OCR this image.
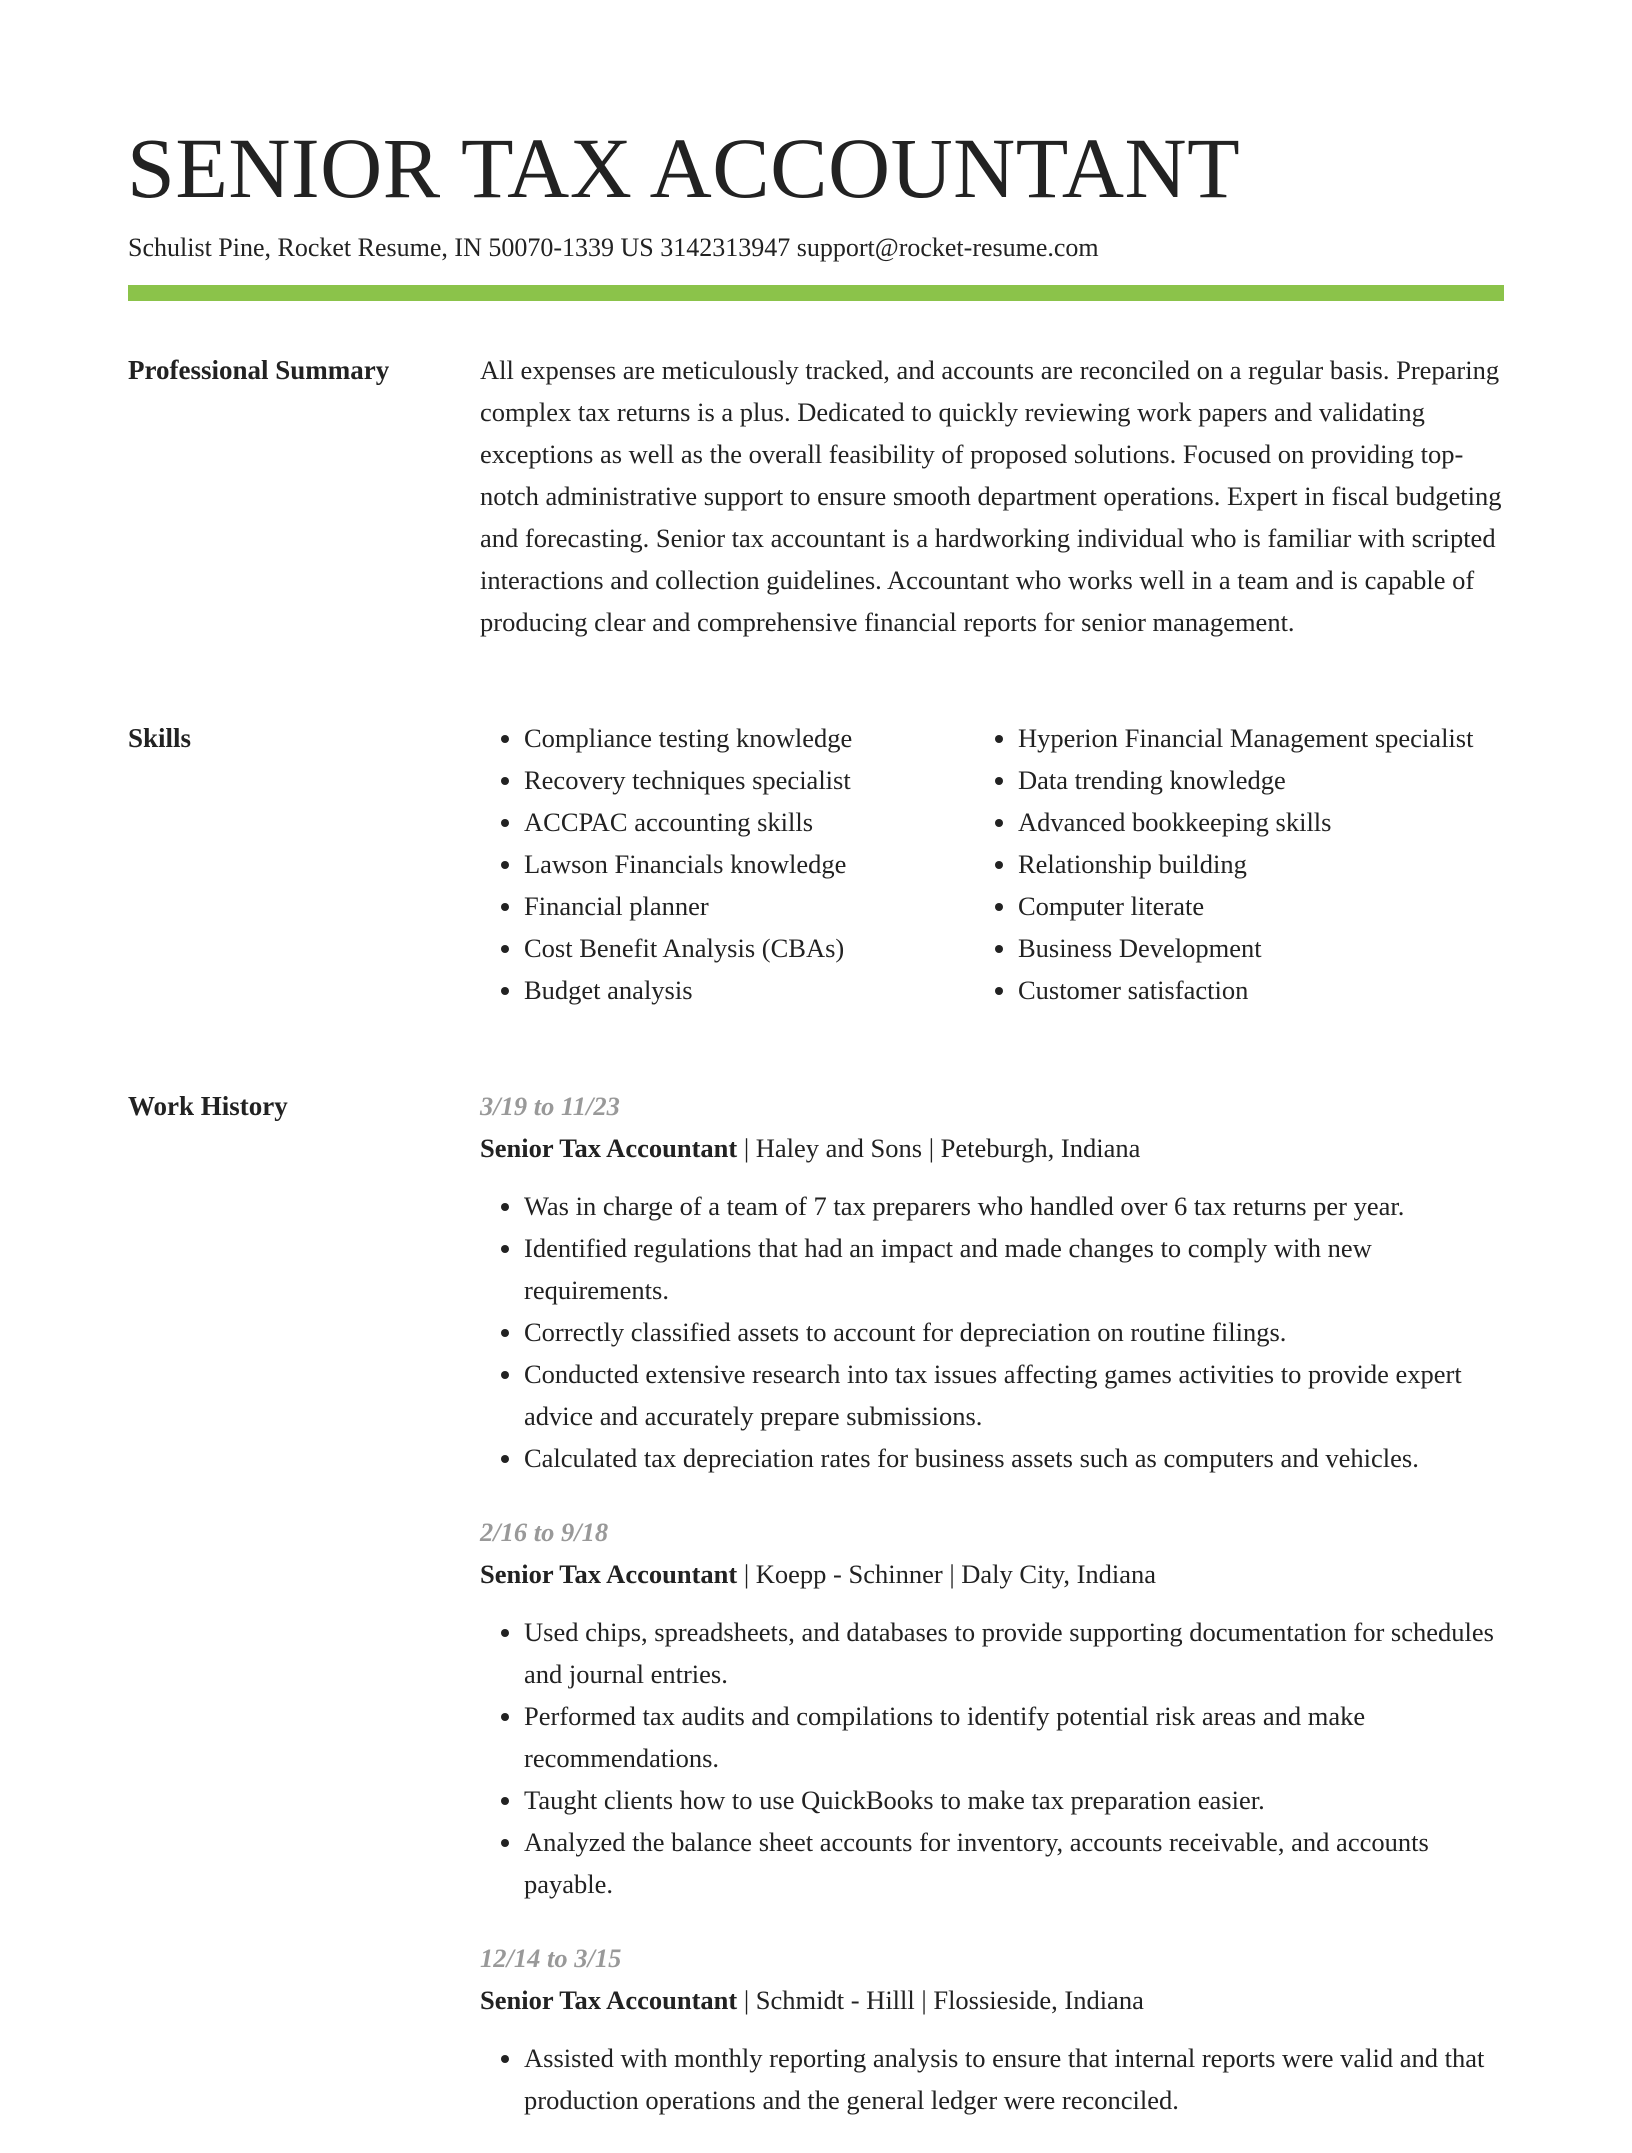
SENIOR TAX ACCOUNTANT
Schulist Pine, Rocket Resume, IN 50070-1339 US 3142313947 support@rocket-resume.com
Professional Summary	All expenses are meticulously tracked, and accounts are reconciled on a regular basis. Preparing complex tax returns is a plus. Dedicated to quickly reviewing work papers and validating exceptions as well as the overall feasibility of proposed solutions. Focused on providing top-notch administrative support to ensure smooth department operations. Expert in fiscal budgeting and forecasting. Senior tax accountant is a hardworking individual who is familiar with scripted interactions and collection guidelines. Accountant who works well in a team and is capable of producing clear and comprehensive financial reports for senior management.

Skills
•	Compliance testing knowledge
• Recovery techniques specialist
• ACCPAC accounting skills
• Lawson Financials knowledge
• Financial planner
• Cost Benefit Analysis (CBAs)
• Budget analysis
• Hyperion Financial Management specialist
• Data trending knowledge
• Advanced bookkeeping skills
• Relationship building
• Computer literate
• Business Development
• Customer satisfaction
Work History	3/19 to 11/23
Senior Tax Accountant | Haley and Sons | Peteburgh, Indiana
• Was in charge of a team of 7 tax preparers who handled over 6 tax returns per year.
• Identified regulations that had an impact and made changes to comply with new requirements.
• Correctly classified assets to account for depreciation on routine filings.
• Conducted extensive research into tax issues affecting games activities to provide expert advice and accurately prepare submissions.
• Calculated tax depreciation rates for business assets such as computers and vehicles.
2/16 to 9/18
Senior Tax Accountant | Koepp - Schinner | Daly City, Indiana
• Used chips, spreadsheets, and databases to provide supporting documentation for schedules and journal entries.
• Performed tax audits and compilations to identify potential risk areas and make recommendations.
• Taught clients how to use QuickBooks to make tax preparation easier.
• Analyzed the balance sheet accounts for inventory, accounts receivable, and accounts payable.
12/14 to 3/15
Senior Tax Accountant | Schmidt - Hilll | Flossieside, Indiana
• Assisted with monthly reporting analysis to ensure that internal reports were valid and that production operations and the general ledger were reconciled.
